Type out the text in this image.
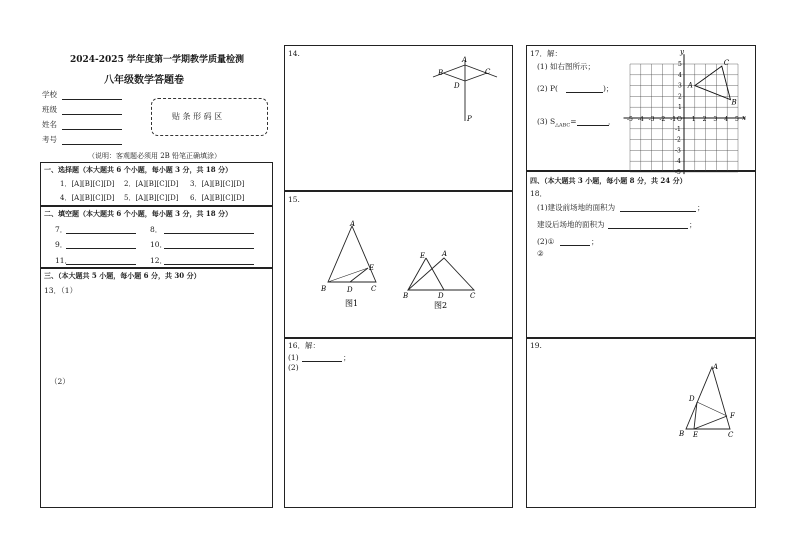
2024-2025 学年度第一学期教学质量检测
八年级数学答题卷
学校
班级
姓名
考号
贴 条 形 码 区
（说明：客观题必须用 2B 铅笔正确填涂）
一、选择题（本大题共 6 个小题，每小题 3 分，共 18 分）
1．[A][B][C][D] 2．[A][B][C][D] 3．[A][B][C][D]
4．[A][B][C][D] 5．[A][B][C][D] 6．[A][B][C][D]
二、填空题（本大题共 6 个小题，每小题 3 分，共 18 分）
7．	8．
9．	10．
11．	12．
三、（本大题共 5 小题，每小题 6 分，共 30 分）
13．（1）
（2）
14.
A
B	C
D
P
15.
A
E
B	D	C
图1
E A
B	D	C
图2
16．解：
(1)	；
(2)
17．解：
(1) 如右图所示；
(2) P(	)；
(3) $S_{\triangle ABC}=$	．	x
y
-5 -4 -3 -2 -1 O 1 2 3 4 5
5
4
3
2
1
-1
-2
-3
-4
-5
A
B
C
四、（本大题共 3 小题，每小题 8 分，共 24 分）
18．
(1)建设前场地的面积为	；
建设后场地的面积为	；
(2)①	；
②
19.
A
D
F
B E	C
